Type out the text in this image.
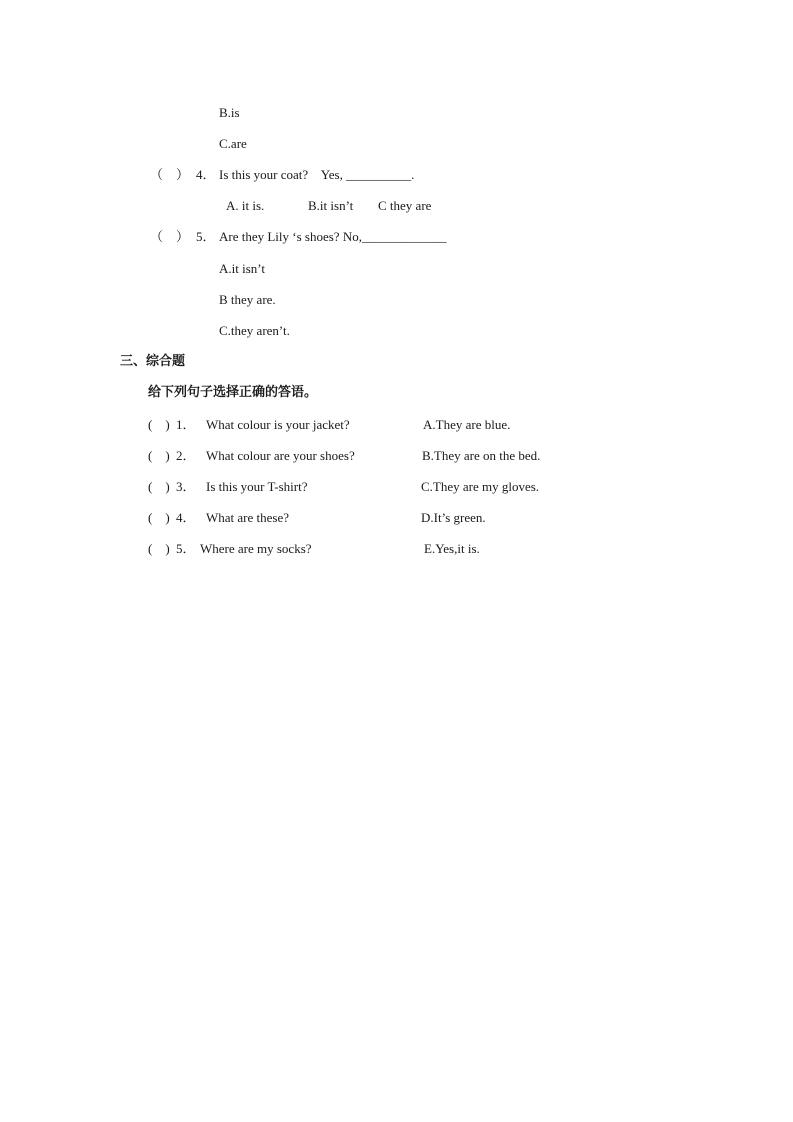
B.is
C.are
（　） 4． Is this your coat?    Yes, __________.
A. it is.	B.it isn’t C they are
（　） 5． Are they Lily ‘s shoes? No,_____________
A.it isn’t
B they are.
C.they aren’t.
三、综合题
给下列句子选择正确的答语。
(    ) 1． What colour is your jacket?
(    ) 2． What colour are your shoes?
(    ) 3． Is this your T-shirt?
(    ) 4． What are these?
(    ) 5． Where are my socks?
A.They are blue.
B.They are on the bed.
C.They are my gloves.
D.It’s green.
E.Yes,it is.
